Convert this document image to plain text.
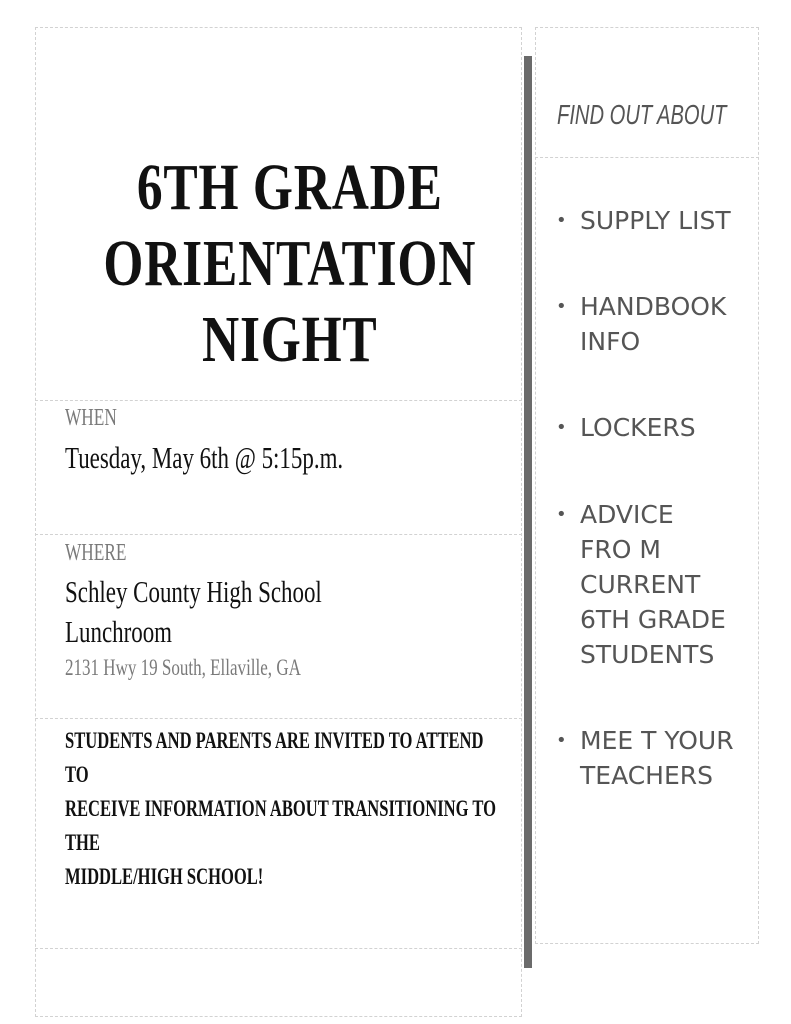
6TH GRADE
ORIENTATION
NIGHT
WHEN
Tuesday, May 6th @ 5:15p.m.
WHERE
Schley County High School
Lunchroom
2131 Hwy 19 South, Ellaville, GA
STUDENTS AND PARENTS ARE INVITED TO ATTEND TO
RECEIVE INFORMATION ABOUT TRANSITIONING TO THE
MIDDLE/HIGH SCHOOL!
FIND OUT ABOUT
• SUPPLY LIST
• HANDBOOK INFO
• LOCKERS
• ADVICE FRO M CURRENT 6TH GRADE STUDENTS
• MEE T YOUR TEACHERS
